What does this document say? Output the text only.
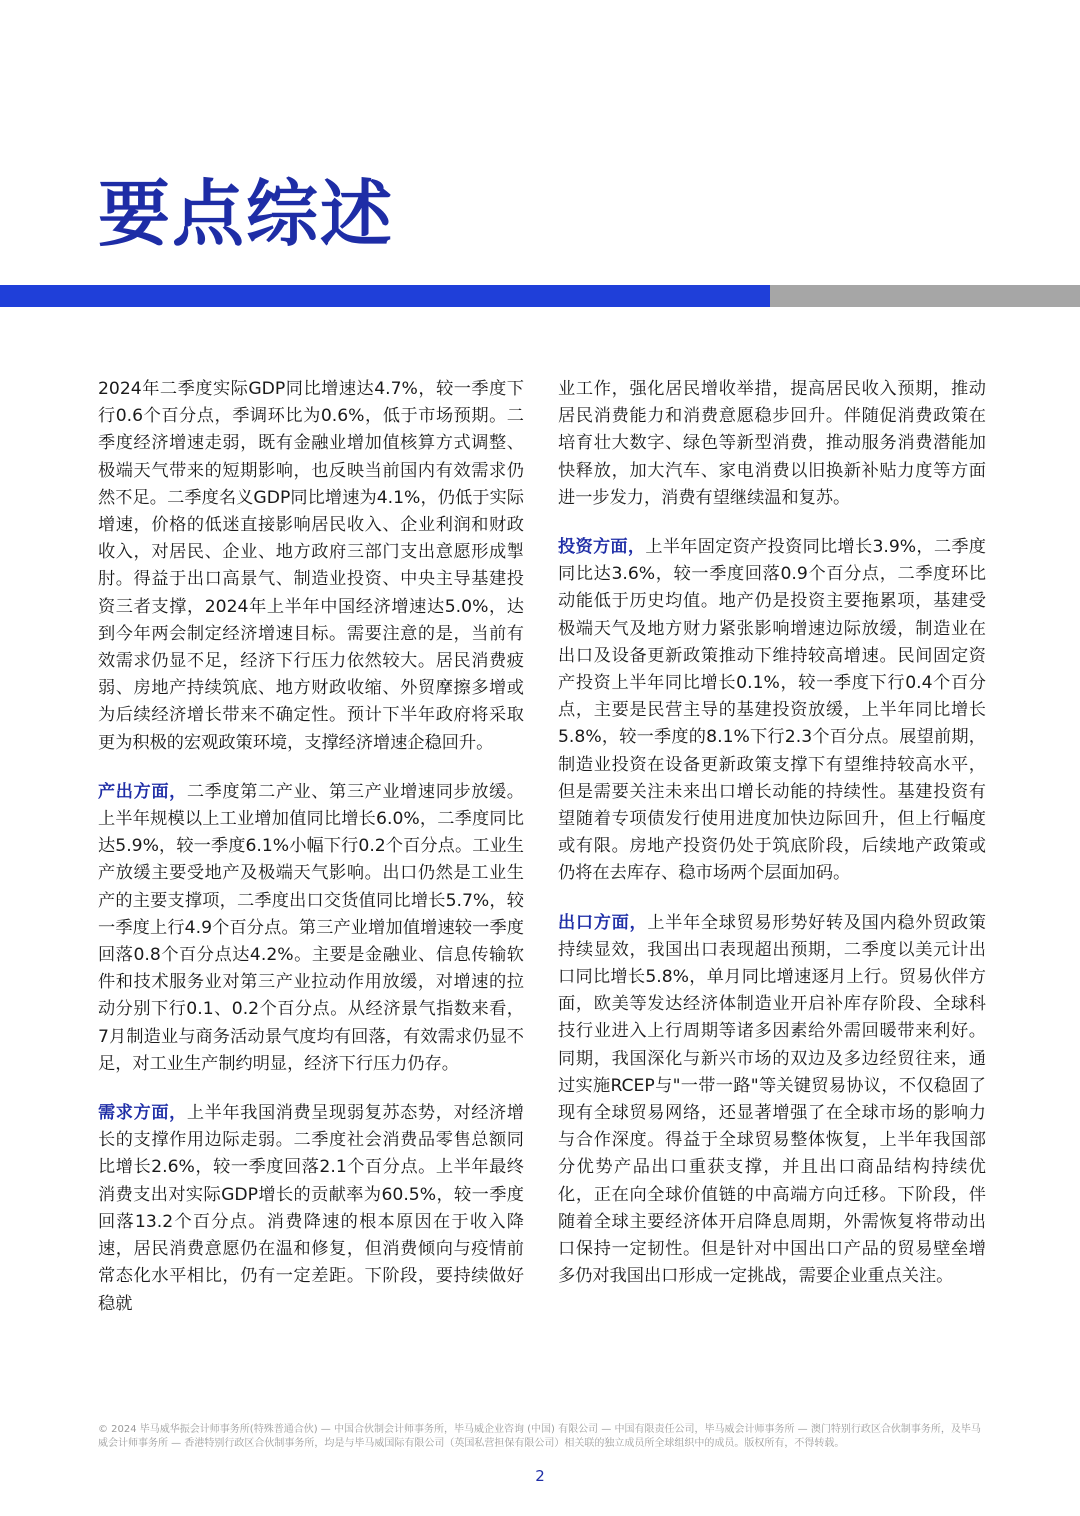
要点综述

2024年二季度实际GDP同比增速达4.7%，较一季度下行0.6个百分点，季调环比为0.6%，低于市场预期。二季度经济增速走弱，既有金融业增加值核算方式调整、极端天气带来的短期影响，也反映当前国内有效需求仍然不足。二季度名义GDP同比增速为4.1%，仍低于实际增速，价格的低迷直接影响居民收入、企业利润和财政收入，对居民、企业、地方政府三部门支出意愿形成掣肘。得益于出口高景气、制造业投资、中央主导基建投资三者支撑，2024年上半年中国经济增速达5.0%，达到今年两会制定经济增速目标。需要注意的是，当前有效需求仍显不足，经济下行压力依然较大。居民消费疲弱、房地产持续筑底、地方财政收缩、外贸摩擦多增或为后续经济增长带来不确定性。预计下半年政府将采取更为积极的宏观政策环境，支撑经济增速企稳回升。

产出方面，二季度第二产业、第三产业增速同步放缓。上半年规模以上工业增加值同比增长6.0%，二季度同比达5.9%，较一季度6.1%小幅下行0.2个百分点。工业生产放缓主要受地产及极端天气影响。出口仍然是工业生产的主要支撑项，二季度出口交货值同比增长5.7%，较一季度上行4.9个百分点。第三产业增加值增速较一季度回落0.8个百分点达4.2%。主要是金融业、信息传输软件和技术服务业对第三产业拉动作用放缓，对增速的拉动分别下行0.1、0.2个百分点。从经济景气指数来看，7月制造业与商务活动景气度均有回落，有效需求仍显不足，对工业生产制约明显，经济下行压力仍存。

需求方面，上半年我国消费呈现弱复苏态势，对经济增长的支撑作用边际走弱。二季度社会消费品零售总额同比增长2.6%，较一季度回落2.1个百分点。上半年最终消费支出对实际GDP增长的贡献率为60.5%，较一季度回落13.2个百分点。消费降速的根本原因在于收入降速，居民消费意愿仍在温和修复，但消费倾向与疫情前常态化水平相比，仍有一定差距。下阶段，要持续做好稳就

业工作，强化居民增收举措，提高居民收入预期，推动居民消费能力和消费意愿稳步回升。伴随促消费政策在培育壮大数字、绿色等新型消费，推动服务消费潜能加快释放，加大汽车、家电消费以旧换新补贴力度等方面进一步发力，消费有望继续温和复苏。

投资方面，上半年固定资产投资同比增长3.9%，二季度同比达3.6%，较一季度回落0.9个百分点，二季度环比动能低于历史均值。地产仍是投资主要拖累项，基建受极端天气及地方财力紧张影响增速边际放缓，制造业在出口及设备更新政策推动下维持较高增速。民间固定资产投资上半年同比增长0.1%，较一季度下行0.4个百分点，主要是民营主导的基建投资放缓，上半年同比增长5.8%，较一季度的8.1%下行2.3个百分点。展望前期，制造业投资在设备更新政策支撑下有望维持较高水平，但是需要关注未来出口增长动能的持续性。基建投资有望随着专项债发行使用进度加快边际回升，但上行幅度或有限。房地产投资仍处于筑底阶段，后续地产政策或仍将在去库存、稳市场两个层面加码。

出口方面，上半年全球贸易形势好转及国内稳外贸政策持续显效，我国出口表现超出预期，二季度以美元计出口同比增长5.8%，单月同比增速逐月上行。贸易伙伴方面，欧美等发达经济体制造业开启补库存阶段、全球科技行业进入上行周期等诸多因素给外需回暖带来利好。同期，我国深化与新兴市场的双边及多边经贸往来，通过实施RCEP与"一带一路"等关键贸易协议，不仅稳固了现有全球贸易网络，还显著增强了在全球市场的影响力与合作深度。得益于全球贸易整体恢复，上半年我国部分优势产品出口重获支撑，并且出口商品结构持续优化，正在向全球价值链的中高端方向迁移。下阶段，伴随着全球主要经济体开启降息周期，外需恢复将带动出口保持一定韧性。但是针对中国出口产品的贸易壁垒增多仍对我国出口形成一定挑战，需要企业重点关注。

© 2024 毕马威华振会计师事务所(特殊普通合伙) — 中国合伙制会计师事务所，毕马威企业咨询 (中国) 有限公司 — 中国有限责任公司，毕马威会计师事务所 — 澳门特别行政区合伙制事务所，及毕马威会计师事务所 — 香港特别行政区合伙制事务所，均是与毕马威国际有限公司（英国私营担保有限公司）相关联的独立成员所全球组织中的成员。版权所有，不得转载。
2
